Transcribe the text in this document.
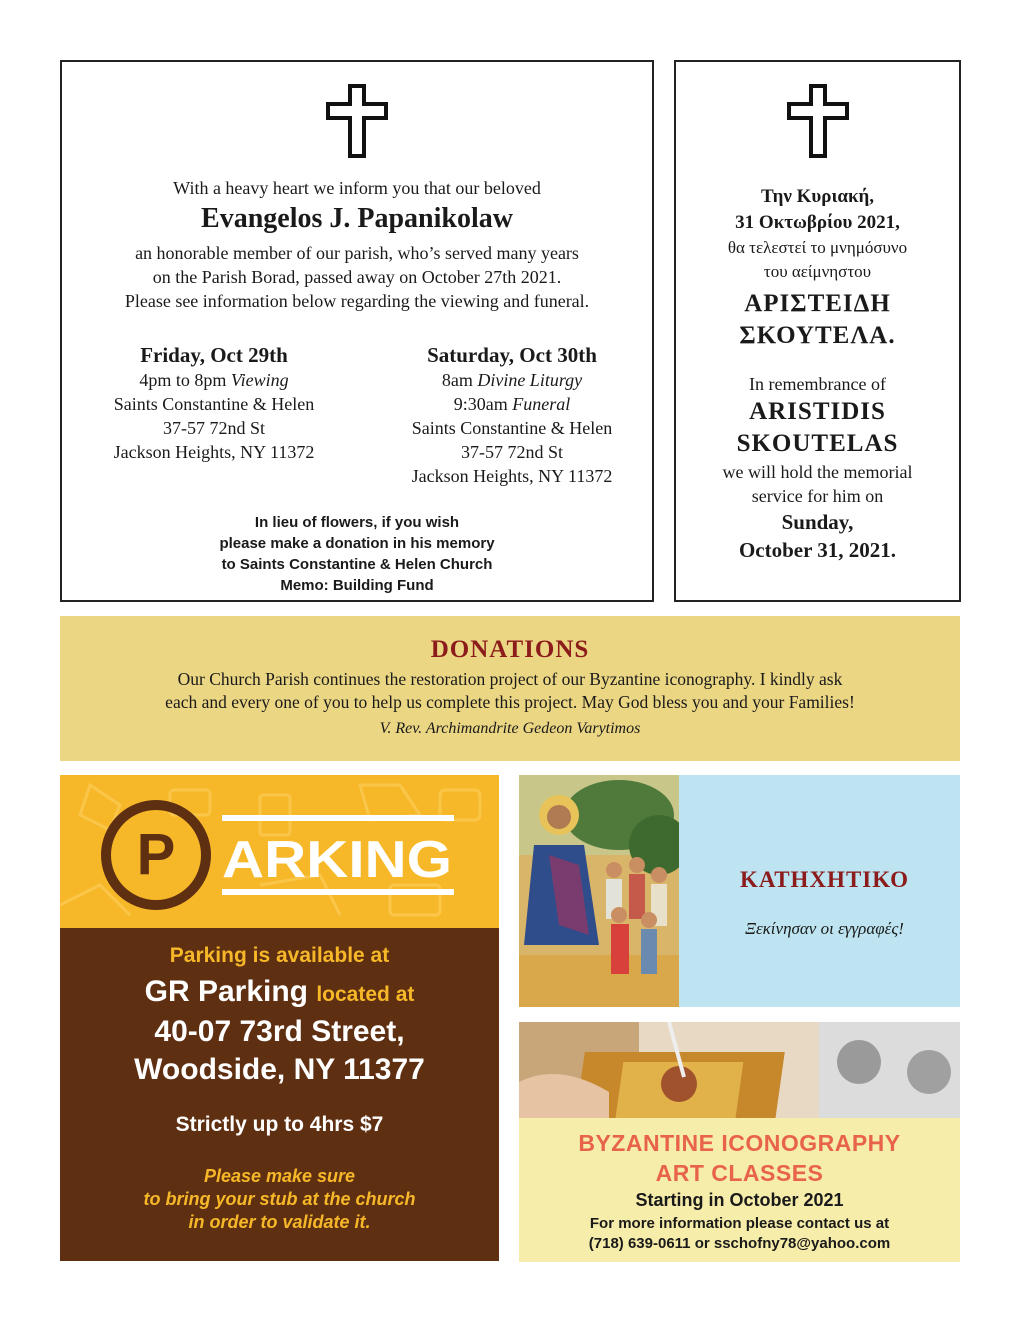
With a heavy heart we inform you that our beloved
Evangelos J. Papanikolaw
an honorable member of our parish, who’s served many years
on the Parish Borad, passed away on October 27th 2021.
Please see information below regarding the viewing and funeral.
Friday, Oct 29th
4pm to 8pm Viewing
Saints Constantine & Helen
37-57 72nd St
Jackson Heights, NY 11372
Saturday, Oct 30th
8am Divine Liturgy
9:30am Funeral
Saints Constantine & Helen
37-57 72nd St
Jackson Heights, NY 11372
In lieu of flowers, if you wish
please make a donation in his memory
to Saints Constantine & Helen Church
Memo: Building Fund
Την Κυριακή,
31 Οκτωβρίου 2021,
θα τελεστεί το μνημόσυνο
του αείμνηστου
ΑΡΙΣΤΕΙΔΗ
ΣΚΟΥΤΕΛΑ.
In remembrance of
ARISTIDIS
SKOUTELAS
we will hold the memorial
service for him on
Sunday,
October 31, 2021.
DONATIONS
Our Church Parish continues the restoration project of our Byzantine iconography. I kindly ask
each and every one of you to help us complete this project. May God bless you and your Families!
V. Rev. Archimandrite Gedeon Varytimos
P ARKING
Parking is available at
GR Parking located at
40-07 73rd Street,
Woodside, NY 11377
Strictly up to 4hrs $7
Please make sure
to bring your stub at the church
in order to validate it.
ΚΑΤΗΧΗΤΙΚΟ
Ξεκίνησαν οι εγγραφές!
BYZANTINE ICONOGRAPHY
ART CLASSES
Starting in October 2021
For more information please contact us at
(718) 639-0611 or sschofny78@yahoo.com
